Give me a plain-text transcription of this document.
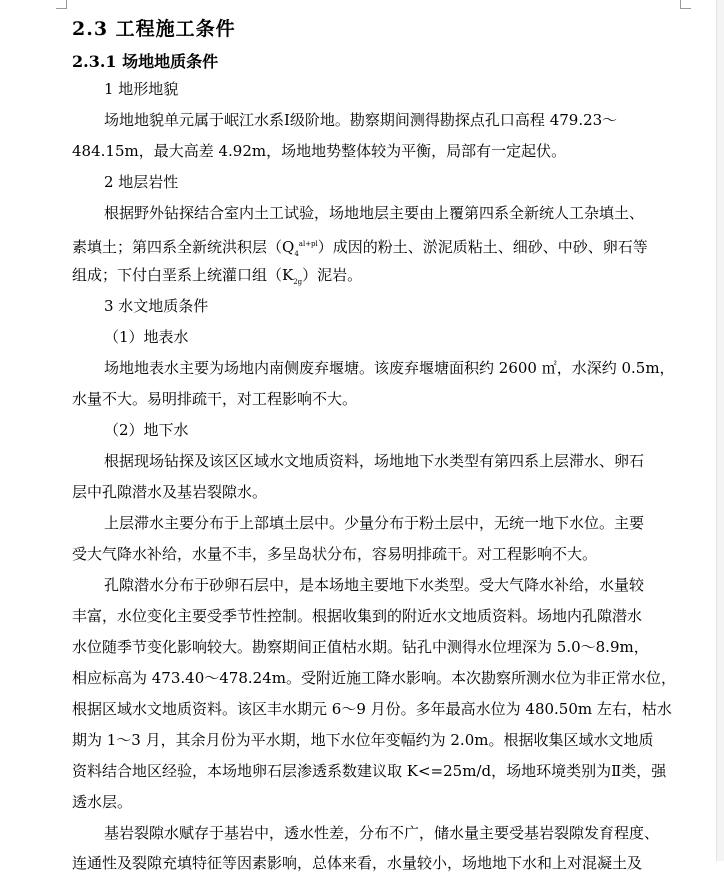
2.3 工程施工条件
2.3.1 场地地质条件
1 地形地貌
场地地貌单元属于岷江水系Ⅰ级阶地。勘察期间测得勘探点孔口高程 479.23～
484.15m，最大高差 4.92m，场地地势整体较为平衡，局部有一定起伏。
2 地层岩性
根据野外钻探结合室内土工试验，场地地层主要由上覆第四系全新统人工杂填土、
素填土；第四系全新统洪积层$(Q_4^{al+pl})$成因的粉土、淤泥质粘土、细砂、中砂、卵石等
组成；下付白垩系上统灌口组$(K_{2g})$泥岩。
3 水文地质条件
（1）地表水
场地地表水主要为场地内南侧废弃堰塘。该废弃堰塘面积约 2600 ㎡，水深约 0.5m，
水量不大。易明排疏干，对工程影响不大。
（2）地下水
根据现场钻探及该区区域水文地质资料，场地地下水类型有第四系上层滞水、卵石
层中孔隙潜水及基岩裂隙水。
上层滞水主要分布于上部填土层中。少量分布于粉土层中，无统一地下水位。主要
受大气降水补给，水量不丰，多呈岛状分布，容易明排疏干。对工程影响不大。
孔隙潜水分布于砂卵石层中，是本场地主要地下水类型。受大气降水补给，水量较
丰富，水位变化主要受季节性控制。根据收集到的附近水文地质资料。场地内孔隙潜水
水位随季节变化影响较大。勘察期间正值枯水期。钻孔中测得水位埋深为 5.0～8.9m，
相应标高为 473.40～478.24m。受附近施工降水影响。本次勘察所测水位为非正常水位，
根据区域水文地质资料。该区丰水期元 6～9 月份。多年最高水位为 480.50m 左右，枯水
期为 1～3 月，其余月份为平水期，地下水位年变幅约为 2.0m。根据收集区域水文地质
资料结合地区经验，本场地卵石层渗透系数建议取 K<=25m/d，场地环境类别为Ⅱ类，强
透水层。
基岩裂隙水赋存于基岩中，透水性差，分布不广，储水量主要受基岩裂隙发育程度、
连通性及裂隙充填特征等因素影响，总体来看，水量较小，场地地下水和上对混凝土及
